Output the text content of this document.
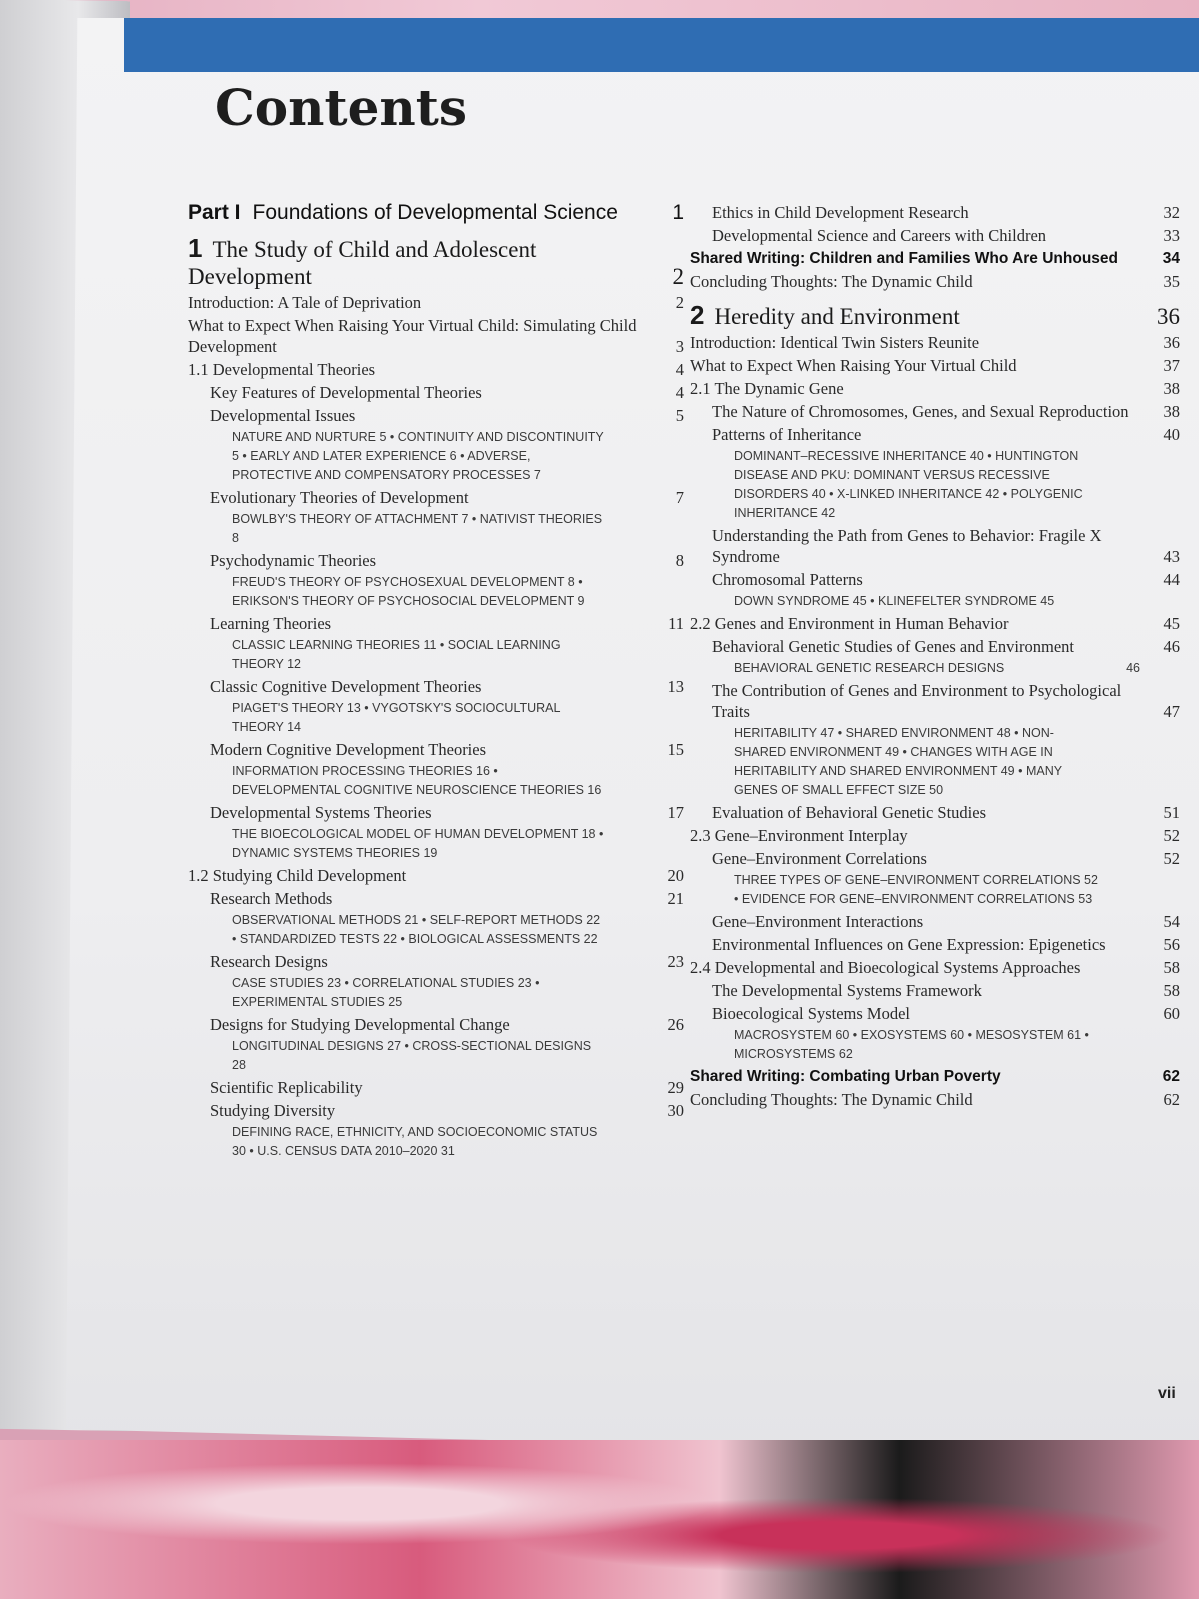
Contents
Part I Foundations of Developmental Science	1
1 The Study of Child and Adolescent Development	2
Introduction: A Tale of Deprivation	2
What to Expect When Raising Your Virtual Child: Simulating Child Development	3
1.1 Developmental Theories	4
Key Features of Developmental Theories	4
Developmental Issues	5
NATURE AND NURTURE 5 • CONTINUITY AND DISCONTINUITY 5 • EARLY AND LATER EXPERIENCE 6 • ADVERSE, PROTECTIVE AND COMPENSATORY PROCESSES 7
Evolutionary Theories of Development	7
BOWLBY'S THEORY OF ATTACHMENT 7 • NATIVIST THEORIES 8
Psychodynamic Theories	8
FREUD'S THEORY OF PSYCHOSEXUAL DEVELOPMENT 8 • ERIKSON'S THEORY OF PSYCHOSOCIAL DEVELOPMENT 9
Learning Theories	11
CLASSIC LEARNING THEORIES 11 • SOCIAL LEARNING THEORY 12
Classic Cognitive Development Theories	13
PIAGET'S THEORY 13 • VYGOTSKY'S SOCIOCULTURAL THEORY 14
Modern Cognitive Development Theories	15
INFORMATION PROCESSING THEORIES 16 • DEVELOPMENTAL COGNITIVE NEUROSCIENCE THEORIES 16
Developmental Systems Theories	17
THE BIOECOLOGICAL MODEL OF HUMAN DEVELOPMENT 18 • DYNAMIC SYSTEMS THEORIES 19
1.2 Studying Child Development	20
Research Methods	21
OBSERVATIONAL METHODS 21 • SELF-REPORT METHODS 22 • STANDARDIZED TESTS 22 • BIOLOGICAL ASSESSMENTS 22
Research Designs	23
CASE STUDIES 23 • CORRELATIONAL STUDIES 23 • EXPERIMENTAL STUDIES 25
Designs for Studying Developmental Change	26
LONGITUDINAL DESIGNS 27 • CROSS-SECTIONAL DESIGNS 28
Scientific Replicability	29
Studying Diversity	30
DEFINING RACE, ETHNICITY, AND SOCIOECONOMIC STATUS 30 • U.S. CENSUS DATA 2010–2020 31
Ethics in Child Development Research	32
Developmental Science and Careers with Children	33
Shared Writing: Children and Families Who Are Unhoused	34
Concluding Thoughts: The Dynamic Child	35
2 Heredity and Environment	36
Introduction: Identical Twin Sisters Reunite	36
What to Expect When Raising Your Virtual Child	37
2.1 The Dynamic Gene	38
The Nature of Chromosomes, Genes, and Sexual Reproduction	38
Patterns of Inheritance	40
DOMINANT–RECESSIVE INHERITANCE 40 • HUNTINGTON DISEASE AND PKU: DOMINANT VERSUS RECESSIVE DISORDERS 40 • X-LINKED INHERITANCE 42 • POLYGENIC INHERITANCE 42
Understanding the Path from Genes to Behavior: Fragile X Syndrome	43
Chromosomal Patterns	44
DOWN SYNDROME 45 • KLINEFELTER SYNDROME 45
2.2 Genes and Environment in Human Behavior	45
Behavioral Genetic Studies of Genes and Environment	46
BEHAVIORAL GENETIC RESEARCH DESIGNS	46
The Contribution of Genes and Environment to Psychological Traits	47
HERITABILITY 47 • SHARED ENVIRONMENT 48 • NON-SHARED ENVIRONMENT 49 • CHANGES WITH AGE IN HERITABILITY AND SHARED ENVIRONMENT 49 • MANY GENES OF SMALL EFFECT SIZE 50
Evaluation of Behavioral Genetic Studies	51
2.3 Gene–Environment Interplay	52
Gene–Environment Correlations	52
THREE TYPES OF GENE–ENVIRONMENT CORRELATIONS 52 • EVIDENCE FOR GENE–ENVIRONMENT CORRELATIONS 53
Gene–Environment Interactions	54
Environmental Influences on Gene Expression: Epigenetics	56
2.4 Developmental and Bioecological Systems Approaches	58
The Developmental Systems Framework	58
Bioecological Systems Model	60
MACROSYSTEM 60 • EXOSYSTEMS 60 • MESOSYSTEM 61 • MICROSYSTEMS 62
Shared Writing: Combating Urban Poverty	62
Concluding Thoughts: The Dynamic Child	62
vii
